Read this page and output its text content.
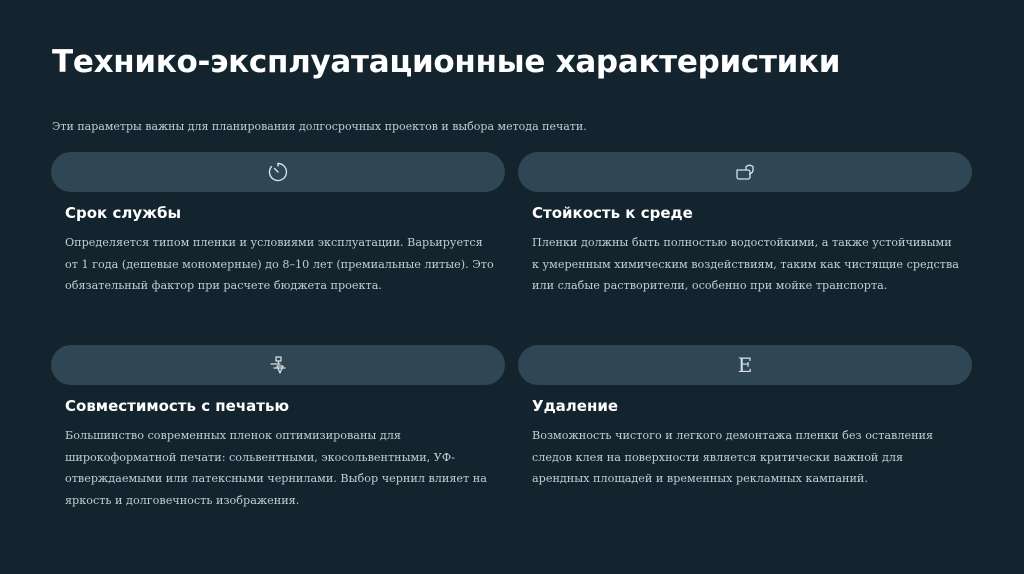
Технико-эксплуатационные характеристики
Эти параметры важны для планирования долгосрочных проектов и выбора метода печати.
Срок службы

Определяется типом пленки и условиями эксплуатации. Варьируется от 1 года (дешевые мономерные) до 8–10 лет (премиальные литые). Это обязательный фактор при расчете бюджета проекта.

Стойкость к среде

Пленки должны быть полностью водостойкими, а также устойчивыми к умеренным химическим воздействиям, таким как чистящие средства или слабые растворители, особенно при мойке транспорта.

Совместимость с печатью

Большинство современных пленок оптимизированы для широкоформатной печати: сольвентными, экосольвентными, УФ-отверждаемыми или латексными чернилами. Выбор чернил влияет на яркость и долговечность изображения.

E
Удаление

Возможность чистого и легкого демонтажа пленки без оставления следов клея на поверхности является критически важной для арендных площадей и временных рекламных кампаний.
